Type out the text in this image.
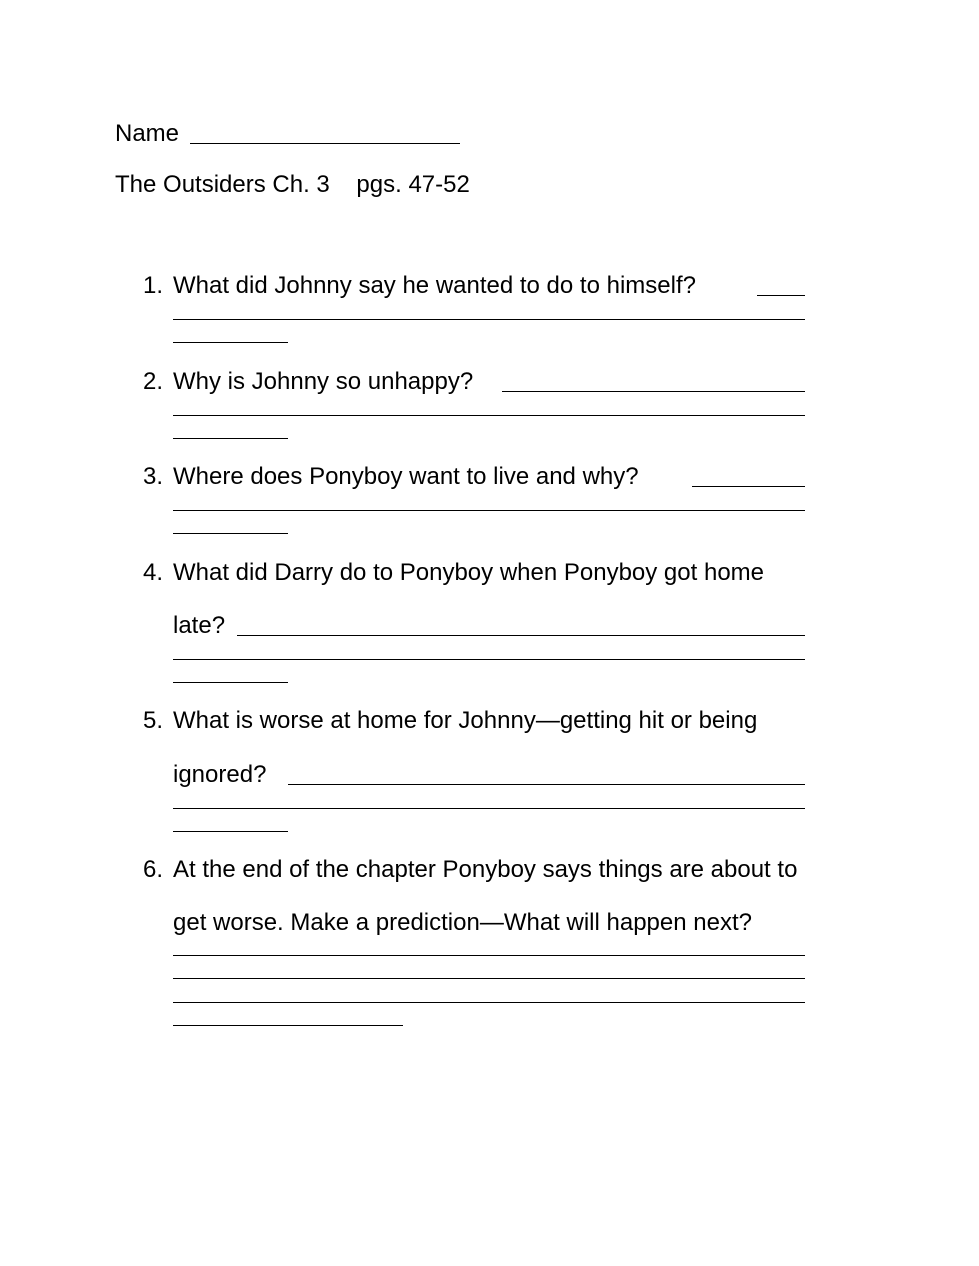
Name
The Outsiders Ch. 3    pgs. 47-52
1. What did Johnny say he wanted to do to himself?
2. Why is Johnny so unhappy?
3. Where does Ponyboy want to live and why?
4. What did Darry do to Ponyboy when Ponyboy got home
late?
5. What is worse at home for Johnny—getting hit or being
ignored?
6. At the end of the chapter Ponyboy says things are about to
get worse. Make a prediction—What will happen next?
